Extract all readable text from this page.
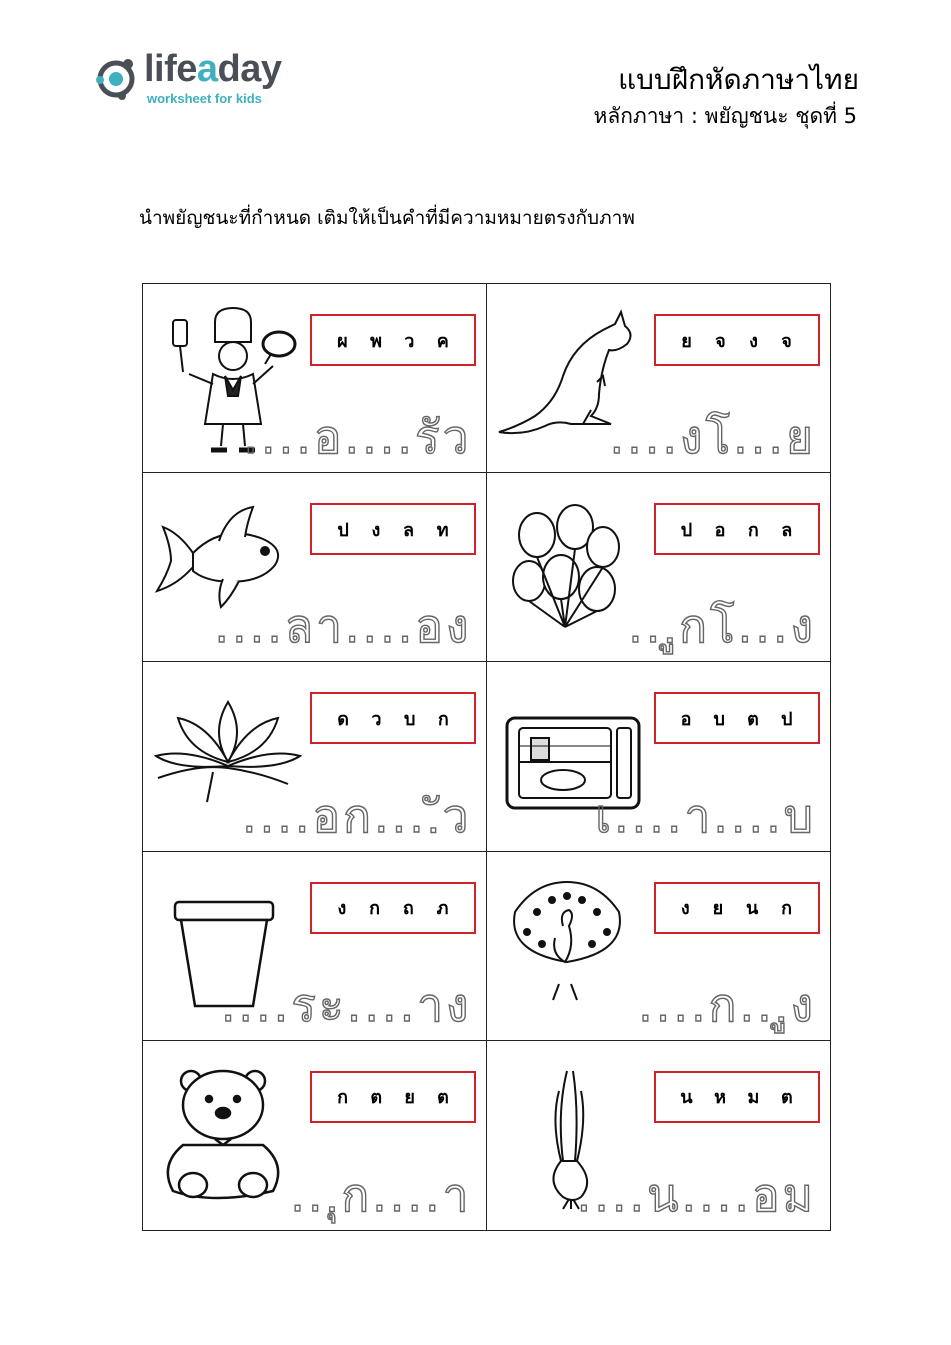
lifeaday
worksheet for kids
แบบฝึกหัดภาษาไทย
หลักภาษา : พยัญชนะ ชุดที่ 5
นำพยัญชนะที่กำหนด เติมให้เป็นคำที่มีความหมายตรงกับภาพ
ผ พ ว ค
....อ....รัว
ย จ ง จ
....งโ...ย
ป ง ล ท
....ลา....อง
ป อ ก ล
...ูกโ...ง
ด ว บ ก
....อก....ัว
อ บ ต ป
เ....า....บ
ง ก ถ ภ
....ระ....าง
ง ย น ก
....ก...ูง
ก ต ย ต
...ุก....า
น ห ม ต
....น....อม
